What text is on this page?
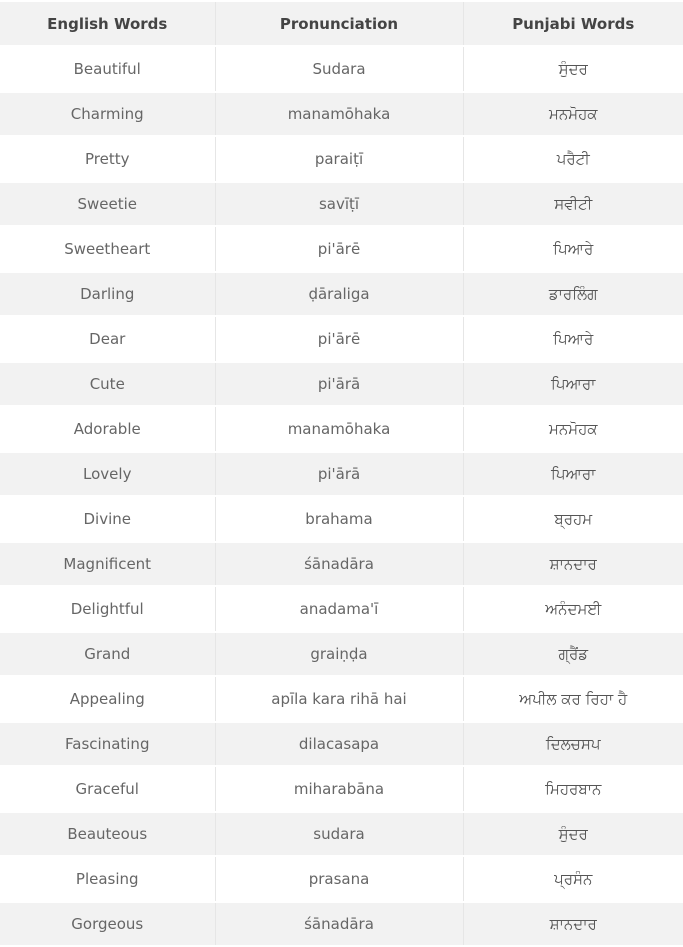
English Words	Pronunciation	Punjabi Words
Beautiful	Sudara	ਸੁੰਦਰ
Charming	manamōhaka	ਮਨਮੋਹਕ
Pretty	paraiṭī	ਪਰੈਟੀ
Sweetie	savīṭī	ਸਵੀਟੀ
Sweetheart	pi'ārē	ਪਿਆਰੇ
Darling	ḍāraliga	ਡਾਰਲਿੰਗ
Dear	pi'ārē	ਪਿਆਰੇ
Cute	pi'ārā	ਪਿਆਰਾ
Adorable	manamōhaka	ਮਨਮੋਹਕ
Lovely	pi'ārā	ਪਿਆਰਾ
Divine	brahama	ਬ੍ਰਹਮ
Magnificent	śānadāra	ਸ਼ਾਨਦਾਰ
Delightful	anadama'ī	ਅਨੰਦਮਈ
Grand	graiṇḍa	ਗ੍ਰੈਂਡ
Appealing	apīla kara rihā hai	ਅਪੀਲ ਕਰ ਰਿਹਾ ਹੈ
Fascinating	dilacasapa	ਦਿਲਚਸਪ
Graceful	miharabāna	ਮਿਹਰਬਾਨ
Beauteous	sudara	ਸੁੰਦਰ
Pleasing	prasana	ਪ੍ਰਸੰਨ
Gorgeous	śānadāra	ਸ਼ਾਨਦਾਰ
